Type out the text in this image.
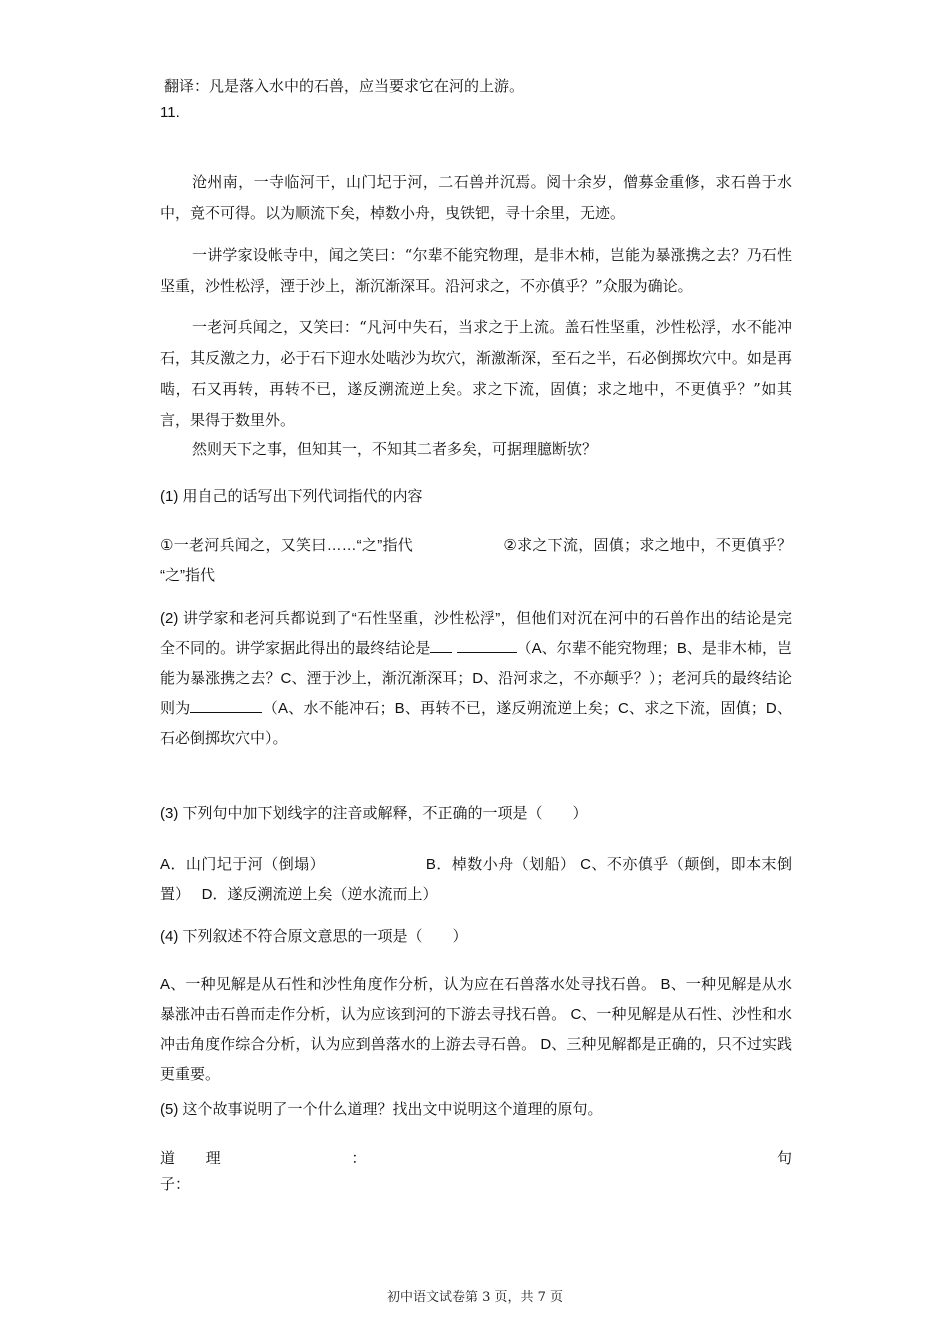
翻译：凡是落入水中的石兽，应当要求它在河的上游。
11.
沧州南，一寺临河干，山门圮于河，二石兽并沉焉。阅十余岁，僧募金重修，求石兽于水中，竟不可得。以为顺流下矣，棹数小舟，曳铁钯，寻十余里，无迹。
一讲学家设帐寺中，闻之笑曰：“尔辈不能究物理，是非木杮，岂能为暴涨携之去？乃石性坚重，沙性松浮，湮于沙上，渐沉渐深耳。沿河求之，不亦傎乎？”众服为确论。
一老河兵闻之，又笑曰：“凡河中失石，当求之于上流。盖石性坚重，沙性松浮，水不能冲石，其反激之力，必于石下迎水处啮沙为坎穴，渐激渐深，至石之半，石必倒掷坎穴中。如是再啮，石又再转，再转不已，遂反溯流逆上矣。求之下流，固傎；求之地中，不更傎乎？”如其言，果得于数里外。
然则天下之事，但知其一，不知其二者多矣，可据理臆断欤？
(1) 用自己的话写出下列代词指代的内容
①一老河兵闻之，又笑曰……“之”指代	②求之下流，固傎；求之地中，不更傎乎？ “之”指代
(2) 讲学家和老河兵都说到了“石性坚重，沙性松浮”，但他们对沉在河中的石兽作出的结论是完全不同的。讲学家据此得出的最终结论是	（A、尔辈不能究物理；B、是非木杮，岂能为暴涨携之去？C、湮于沙上，渐沉渐深耳；D、沿河求之，不亦颠乎？）；老河兵的最终结论则为	（A、水不能冲石；B、再转不已，遂反朔流逆上矣；C、求之下流，固傎；D、石必倒掷坎穴中）。
(3) 下列句中加下划线字的注音或解释，不正确的一项是（　　）
A．山门圮于河（倒塌）　　　　　　　B．棹数小舟（划船） C、不亦傎乎（颠倒，即本末倒置）　 D．遂反溯流逆上矣（逆水流而上）
(4) 下列叙述不符合原文意思的一项是（　　）
A、一种见解是从石性和沙性角度作分析，认为应在石兽落水处寻找石兽。 B、一种见解是从水暴涨冲击石兽而走作分析，认为应该到河的下游去寻找石兽。 C、一种见解是从石性、沙性和水冲击角度作综合分析，认为应到兽落水的上游去寻石兽。 D、三种见解都是正确的，只不过实践更重要。
(5) 这个故事说明了一个什么道理？找出文中说明这个道理的原句。
道 理	：	句
子：
初中语文试卷第 3 页，共 7 页
